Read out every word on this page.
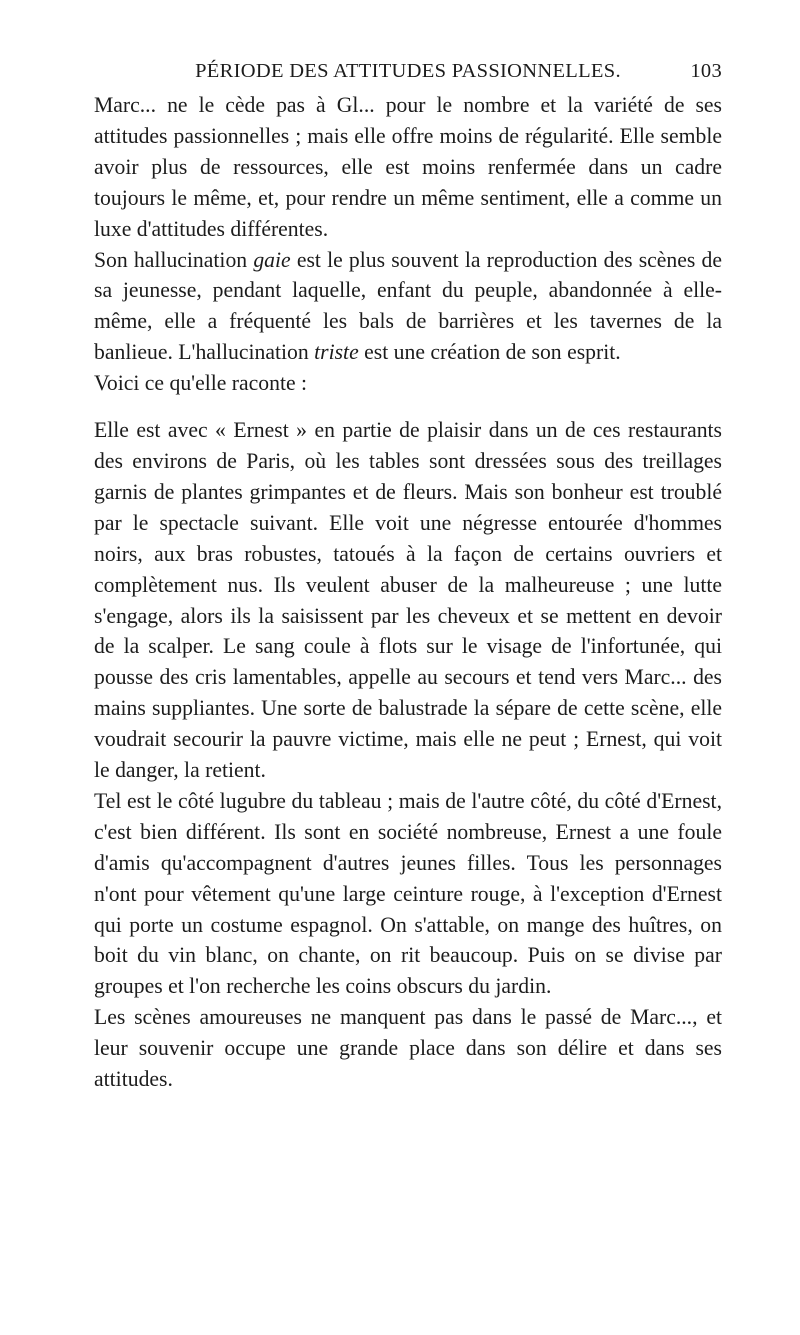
PÉRIODE DES ATTITUDES PASSIONNELLES.	103

Marc... ne le cède pas à Gl... pour le nombre et la variété de ses attitudes passionnelles ; mais elle offre moins de régularité. Elle semble avoir plus de ressources, elle est moins renfermée dans un cadre toujours le même, et, pour rendre un même sentiment, elle a comme un luxe d'attitudes différentes.

Son hallucination gaie est le plus souvent la reproduction des scènes de sa jeunesse, pendant laquelle, enfant du peuple, abandonnée à elle-même, elle a fréquenté les bals de barrières et les tavernes de la banlieue. L'hallucination triste est une création de son esprit.

Voici ce qu'elle raconte :

Elle est avec « Ernest » en partie de plaisir dans un de ces restaurants des environs de Paris, où les tables sont dressées sous des treillages garnis de plantes grimpantes et de fleurs. Mais son bonheur est troublé par le spectacle suivant. Elle voit une négresse entourée d'hommes noirs, aux bras robustes, tatoués à la façon de certains ouvriers et complètement nus. Ils veulent abuser de la malheureuse ; une lutte s'engage, alors ils la saisissent par les cheveux et se mettent en devoir de la scalper. Le sang coule à flots sur le visage de l'infortunée, qui pousse des cris lamentables, appelle au secours et tend vers Marc... des mains suppliantes. Une sorte de balustrade la sépare de cette scène, elle voudrait secourir la pauvre victime, mais elle ne peut ; Ernest, qui voit le danger, la retient.

Tel est le côté lugubre du tableau ; mais de l'autre côté, du côté d'Ernest, c'est bien différent. Ils sont en société nombreuse, Ernest a une foule d'amis qu'accompagnent d'autres jeunes filles. Tous les personnages n'ont pour vêtement qu'une large ceinture rouge, à l'exception d'Ernest qui porte un costume espagnol. On s'attable, on mange des huîtres, on boit du vin blanc, on chante, on rit beaucoup. Puis on se divise par groupes et l'on recherche les coins obscurs du jardin.

Les scènes amoureuses ne manquent pas dans le passé de Marc..., et leur souvenir occupe une grande place dans son délire et dans ses attitudes.
